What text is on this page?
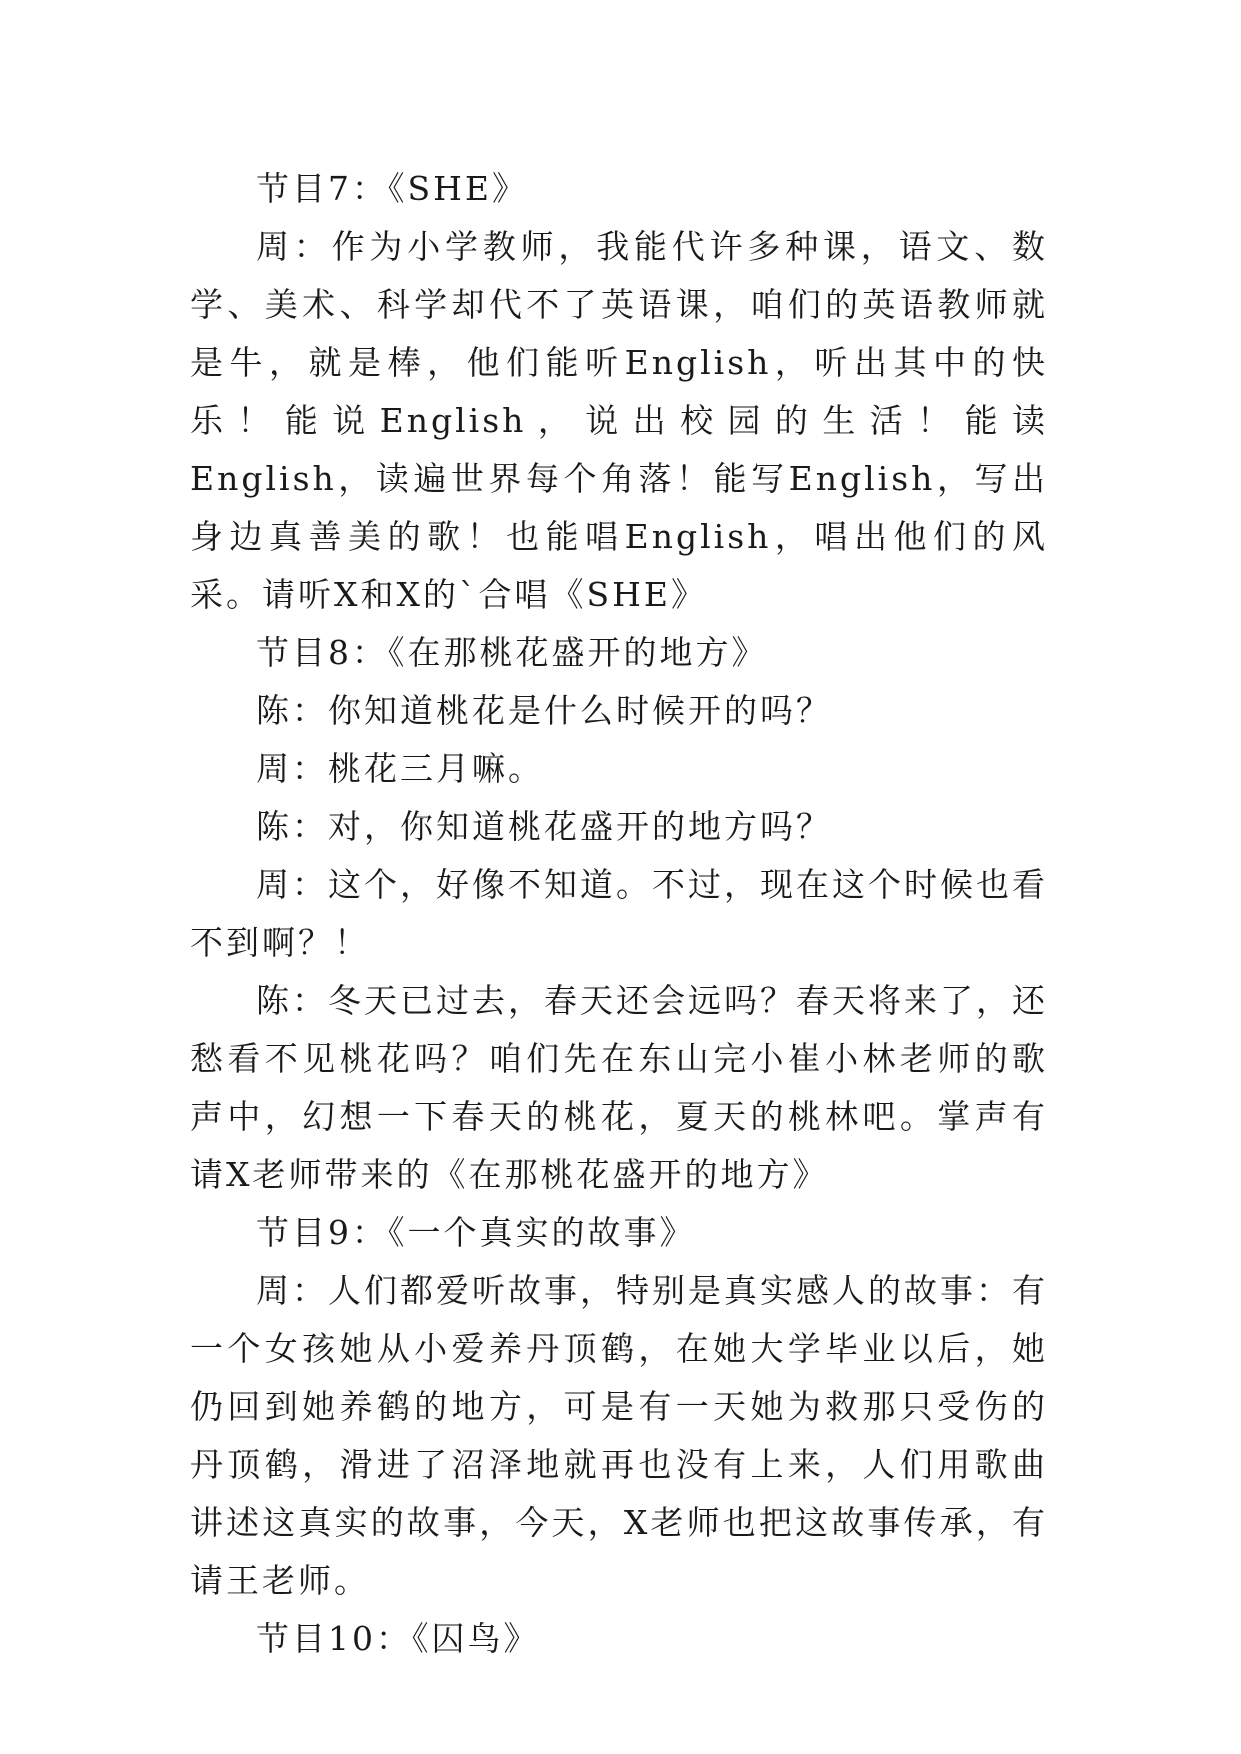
节目7：《SHE》

周：作为小学教师，我能代许多种课，语文、数学、美术、科学却代不了英语课，咱们的英语教师就是牛，就是棒，他们能听English，听出其中的快乐！能说English，说出校园的生活！能读English，读遍世界每个角落！能写English，写出身边真善美的歌！也能唱English，唱出他们的风采。请听X和X的`合唱《SHE》

节目8：《在那桃花盛开的地方》

陈：你知道桃花是什么时候开的吗？

周：桃花三月嘛。

陈：对，你知道桃花盛开的地方吗？

周：这个，好像不知道。不过，现在这个时候也看不到啊？！

陈：冬天已过去，春天还会远吗？春天将来了，还愁看不见桃花吗？咱们先在东山完小崔小林老师的歌声中，幻想一下春天的桃花，夏天的桃林吧。掌声有请X老师带来的《在那桃花盛开的地方》

节目9：《一个真实的故事》

周：人们都爱听故事，特别是真实感人的故事：有一个女孩她从小爱养丹顶鹤，在她大学毕业以后，她仍回到她养鹤的地方，可是有一天她为救那只受伤的丹顶鹤，滑进了沼泽地就再也没有上来，人们用歌曲讲述这真实的故事，今天，X老师也把这故事传承，有请王老师。

节目10：《囚鸟》
